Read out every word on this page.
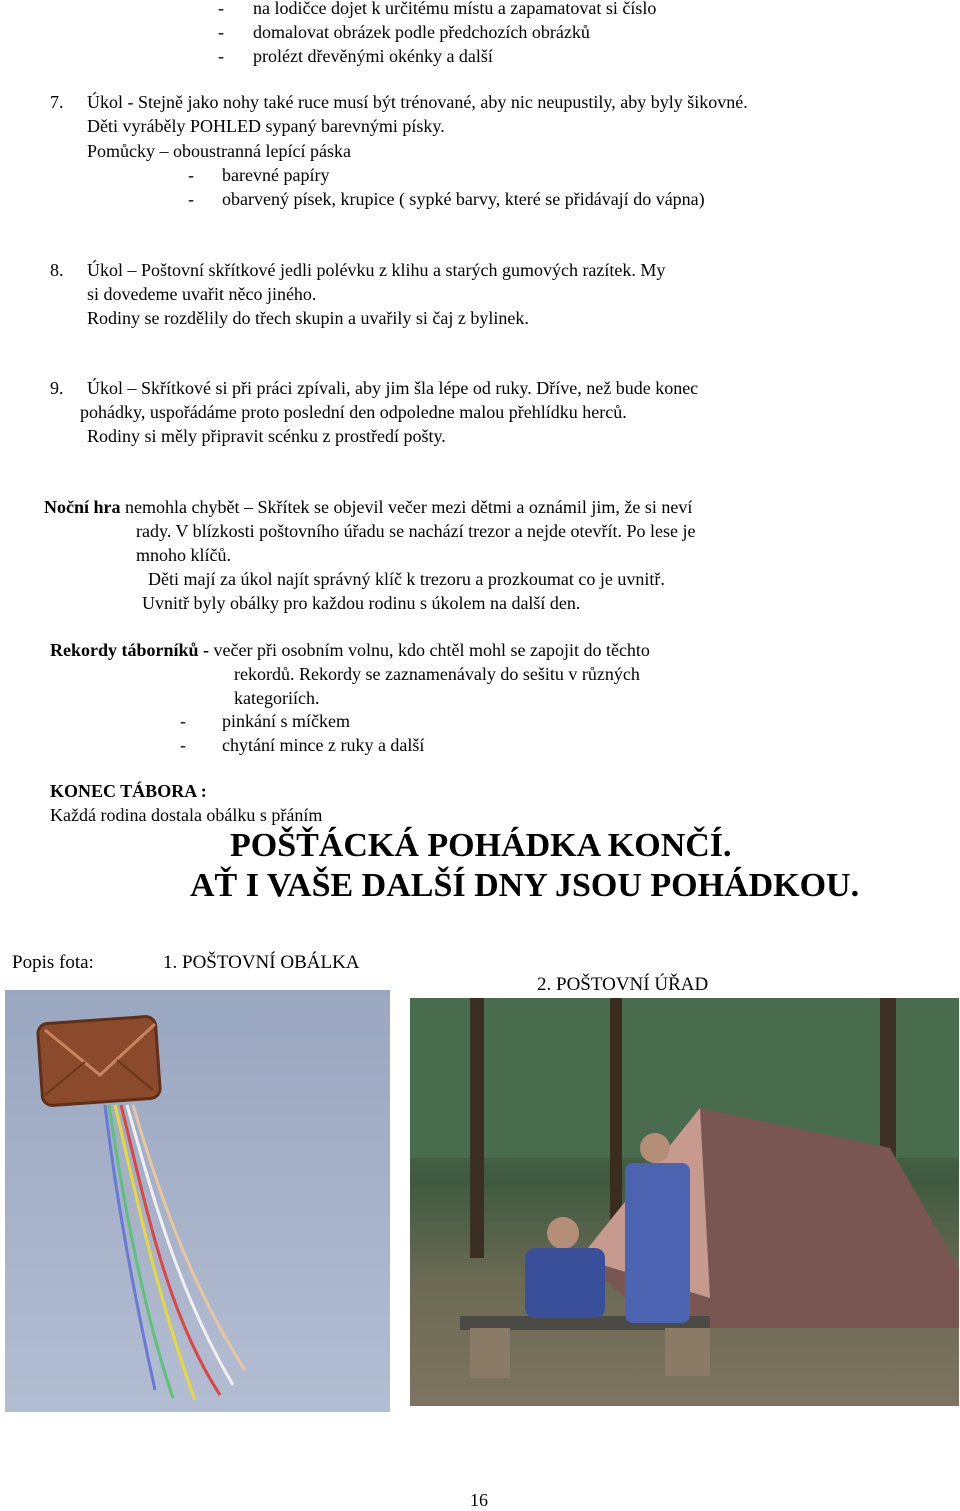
- na lodičce dojet k určitému místu a zapamatovat si číslo
- domalovat obrázek podle předchozích obrázků
- prolézt dřevěnými okénky a další
7. Úkol - Stejně jako nohy také ruce musí být trénované, aby nic neupustily, aby byly šikovné.
Děti vyráběly POHLED sypaný barevnými písky.
Pomůcky – oboustranná lepící páska
- barevné papíry
- obarvený písek, krupice ( sypké barvy, které se přidávají do vápna)
8. Úkol – Poštovní skřítkové jedli polévku z klihu a starých gumových razítek. My
si dovedeme uvařit něco jiného.
Rodiny se rozdělily do třech skupin a uvařily si čaj z bylinek.
9. Úkol – Skřítkové si při práci zpívali, aby jim šla lépe od ruky. Dříve, než bude konec
pohádky, uspořádáme proto poslední den odpoledne malou přehlídku herců.
Rodiny si měly připravit scénku z prostředí pošty.
Noční hra nemohla chybět – Skřítek se objevil večer mezi dětmi a oznámil jim, že si neví
rady. V blízkosti poštovního úřadu se nachází trezor a nejde otevřít. Po lese je
mnoho klíčů.
Děti mají za úkol najít správný klíč k trezoru a prozkoumat co je uvnitř.
Uvnitř byly obálky pro každou rodinu s úkolem na další den.
Rekordy táborníků - večer při osobním volnu, kdo chtěl mohl se zapojit do těchto
rekordů. Rekordy se zaznamenávaly do sešitu v různých
kategoriích.
- pinkání s míčkem
- chytání mince z ruky a další
KONEC TÁBORA :
Každá rodina dostala obálku s přáním
POŠŤÁCKÁ POHÁDKA KONČÍ.
AŤ I VAŠE DALŠÍ DNY JSOU POHÁDKOU.
Popis fota:	1. POŠTOVNÍ OBÁLKA
2. POŠTOVNÍ ÚŘAD
16
